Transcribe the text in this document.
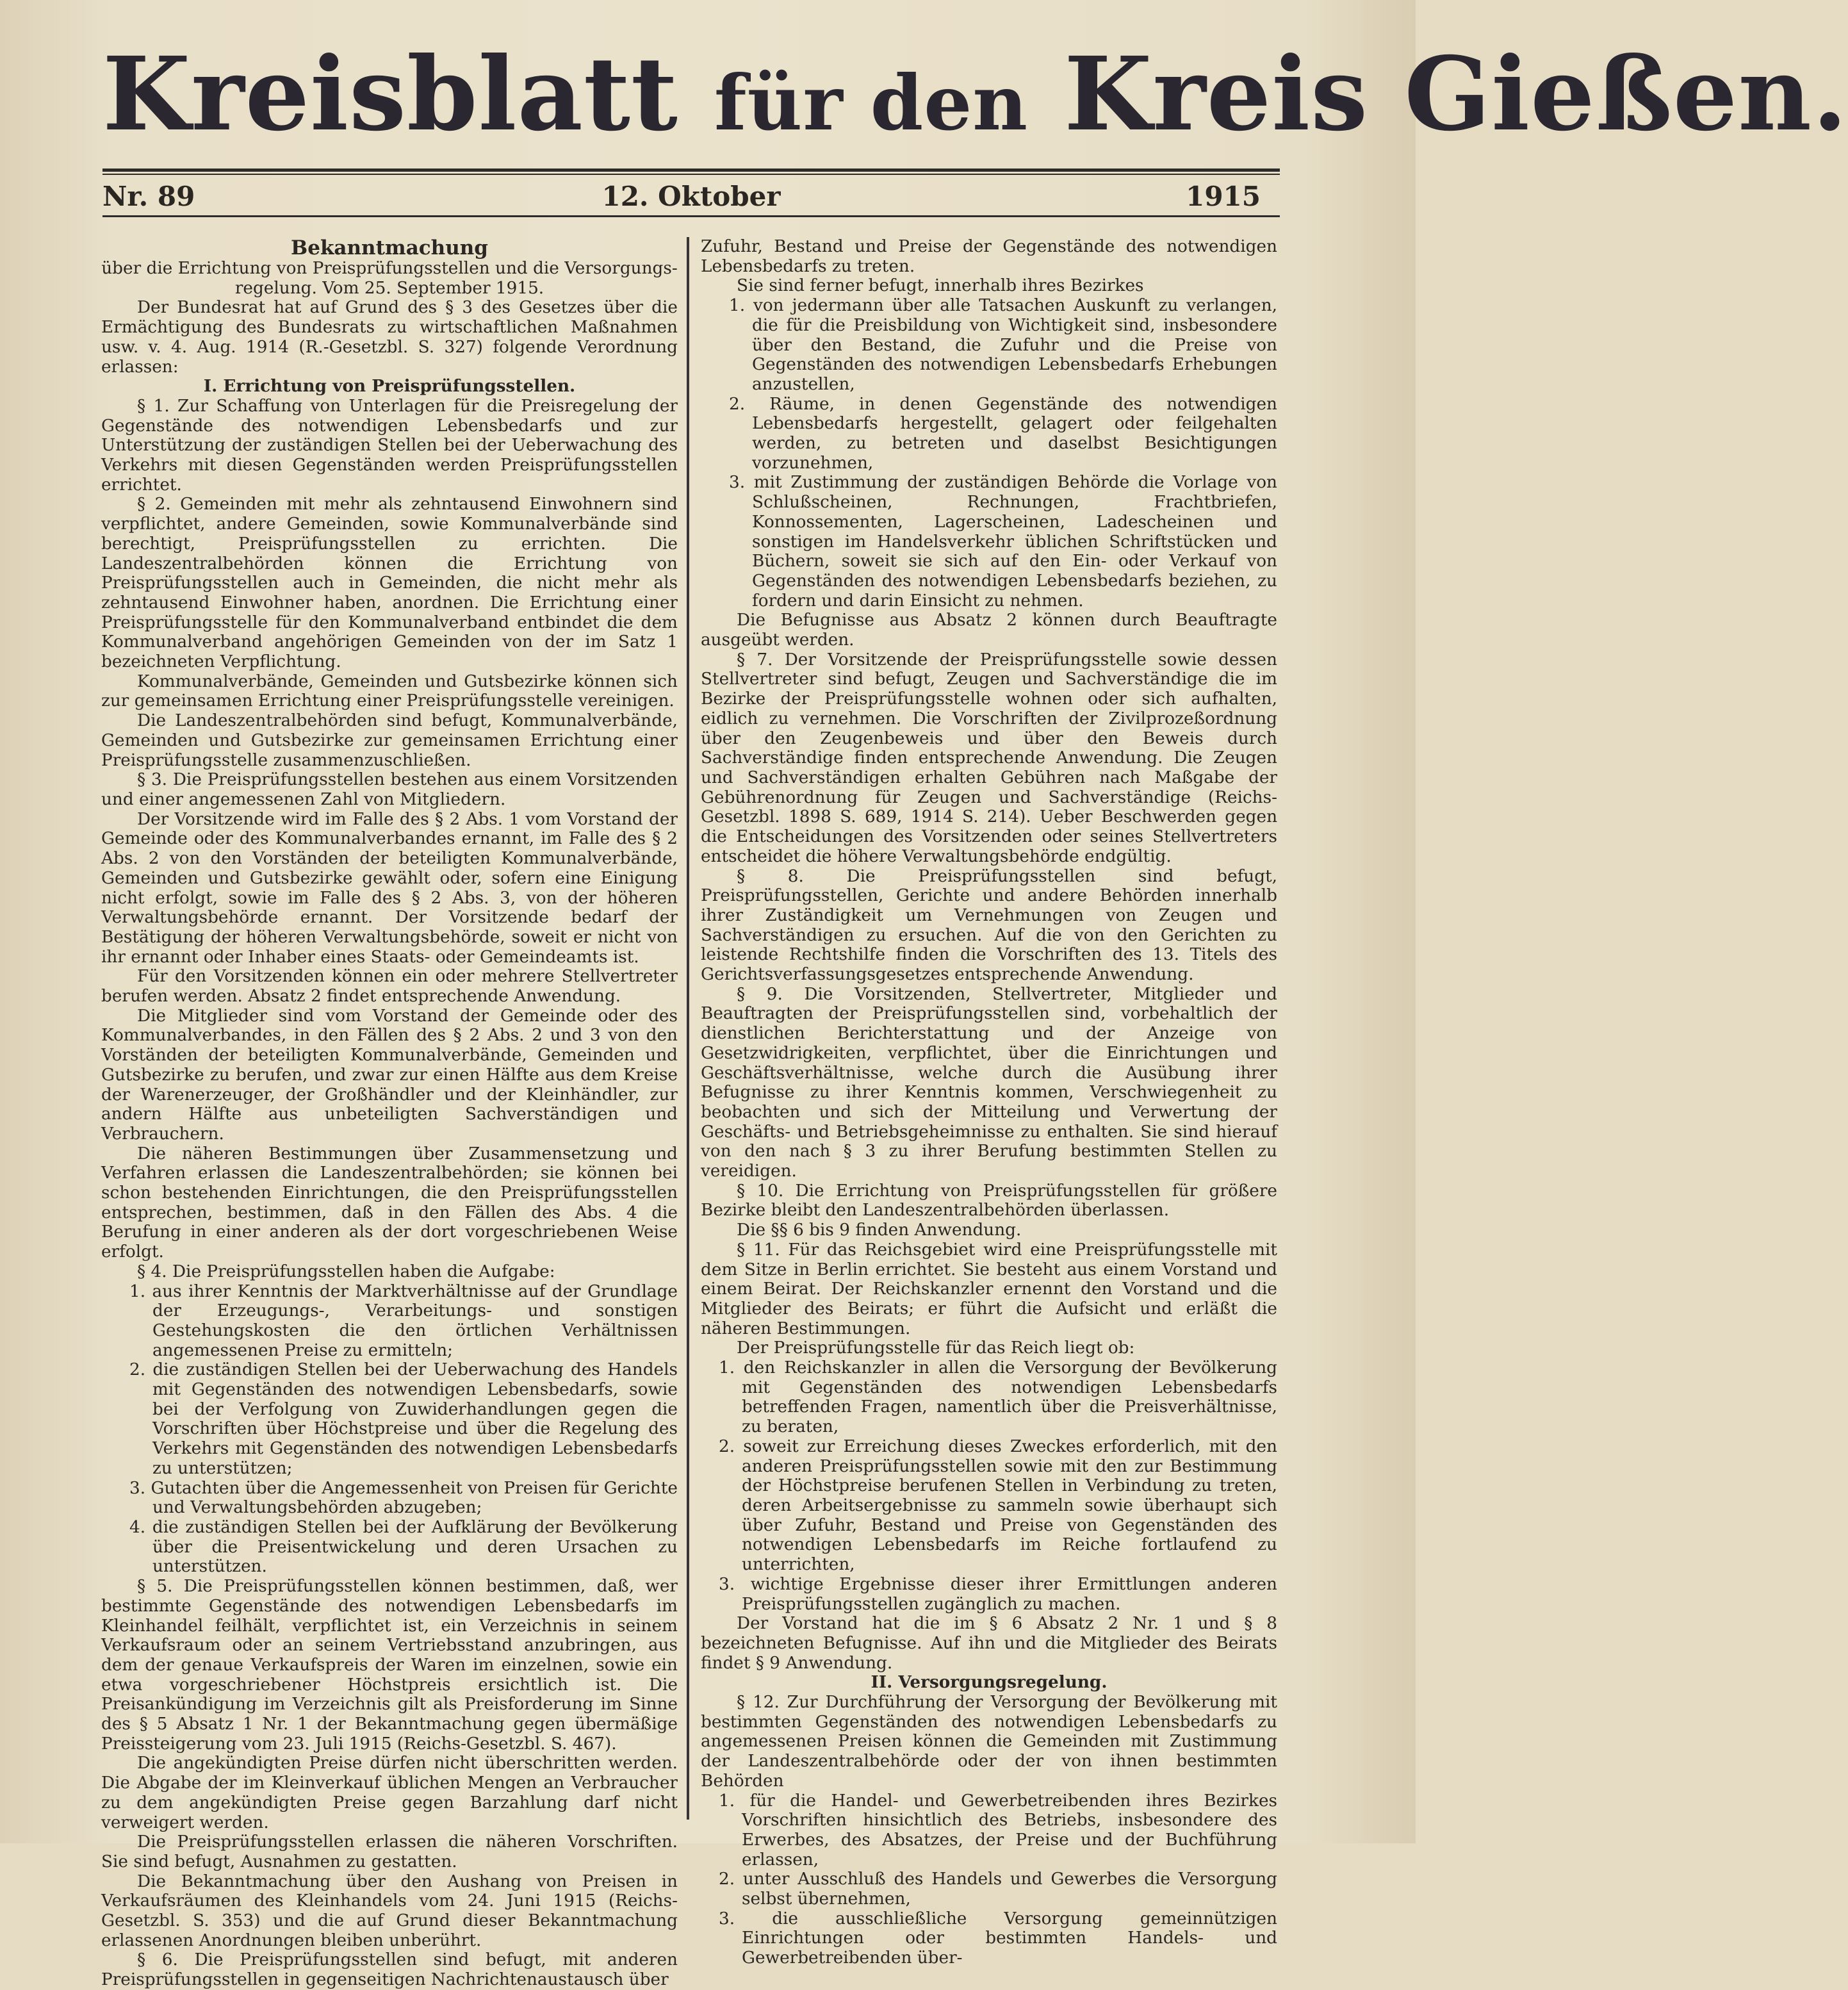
Kreisblatt für den Kreis Gießen.
Nr. 89	12. Oktober	1915

Bekanntmachung

über die Errichtung von Preisprüfungsstellen und die Versorgungs-

regelung. Vom 25. September 1915.

Der Bundesrat hat auf Grund des § 3 des Gesetzes über die Ermächtigung des Bundesrats zu wirtschaftlichen Maßnahmen usw. v. 4. Aug. 1914 (R.-Gesetzbl. S. 327) folgende Verordnung erlassen:

I. Errichtung von Preisprüfungsstellen.

§ 1. Zur Schaffung von Unterlagen für die Preisregelung der Gegenstände des notwendigen Lebensbedarfs und zur Unterstützung der zuständigen Stellen bei der Ueberwachung des Verkehrs mit diesen Gegenständen werden Preisprüfungsstellen errichtet.

§ 2. Gemeinden mit mehr als zehntausend Einwohnern sind verpflichtet, andere Gemeinden, sowie Kommunalverbände sind berechtigt, Preisprüfungsstellen zu errichten. Die Landeszentralbehörden können die Errichtung von Preisprüfungsstellen auch in Gemeinden, die nicht mehr als zehntausend Einwohner haben, anordnen. Die Errichtung einer Preisprüfungsstelle für den Kommunalverband entbindet die dem Kommunalverband angehörigen Gemeinden von der im Satz 1 bezeichneten Verpflichtung.

Kommunalverbände, Gemeinden und Gutsbezirke können sich zur gemeinsamen Errichtung einer Preisprüfungsstelle vereinigen.

Die Landeszentralbehörden sind befugt, Kommunalverbände, Gemeinden und Gutsbezirke zur gemeinsamen Errichtung einer Preisprüfungsstelle zusammenzuschließen.

§ 3. Die Preisprüfungsstellen bestehen aus einem Vorsitzenden und einer angemessenen Zahl von Mitgliedern.

Der Vorsitzende wird im Falle des § 2 Abs. 1 vom Vorstand der Gemeinde oder des Kommunalverbandes ernannt, im Falle des § 2 Abs. 2 von den Vorständen der beteiligten Kommunalverbände, Gemeinden und Gutsbezirke gewählt oder, sofern eine Einigung nicht erfolgt, sowie im Falle des § 2 Abs. 3, von der höheren Verwaltungsbehörde ernannt. Der Vorsitzende bedarf der Bestätigung der höheren Verwaltungsbehörde, soweit er nicht von ihr ernannt oder Inhaber eines Staats- oder Gemeindeamts ist.

Für den Vorsitzenden können ein oder mehrere Stellvertreter berufen werden. Absatz 2 findet entsprechende Anwendung.

Die Mitglieder sind vom Vorstand der Gemeinde oder des Kommunalverbandes, in den Fällen des § 2 Abs. 2 und 3 von den Vorständen der beteiligten Kommunalverbände, Gemeinden und Gutsbezirke zu berufen, und zwar zur einen Hälfte aus dem Kreise der Warenerzeuger, der Großhändler und der Kleinhändler, zur andern Hälfte aus unbeteiligten Sachverständigen und Verbrauchern.

Die näheren Bestimmungen über Zusammensetzung und Verfahren erlassen die Landeszentralbehörden; sie können bei schon bestehenden Einrichtungen, die den Preisprüfungsstellen entsprechen, bestimmen, daß in den Fällen des Abs. 4 die Berufung in einer anderen als der dort vorgeschriebenen Weise erfolgt.

§ 4. Die Preisprüfungsstellen haben die Aufgabe:

1. aus ihrer Kenntnis der Marktverhältnisse auf der Grundlage der Erzeugungs-, Verarbeitungs- und sonstigen Gestehungskosten die den örtlichen Verhältnissen angemessenen Preise zu ermitteln;

2. die zuständigen Stellen bei der Ueberwachung des Handels mit Gegenständen des notwendigen Lebensbedarfs, sowie bei der Verfolgung von Zuwiderhandlungen gegen die Vorschriften über Höchstpreise und über die Regelung des Verkehrs mit Gegenständen des notwendigen Lebensbedarfs zu unterstützen;

3. Gutachten über die Angemessenheit von Preisen für Gerichte und Verwaltungsbehörden abzugeben;

4. die zuständigen Stellen bei der Aufklärung der Bevölkerung über die Preisentwickelung und deren Ursachen zu unterstützen.

§ 5. Die Preisprüfungsstellen können bestimmen, daß, wer bestimmte Gegenstände des notwendigen Lebensbedarfs im Kleinhandel feilhält, verpflichtet ist, ein Verzeichnis in seinem Verkaufsraum oder an seinem Vertriebsstand anzubringen, aus dem der genaue Verkaufspreis der Waren im einzelnen, sowie ein etwa vorgeschriebener Höchstpreis ersichtlich ist. Die Preisankündigung im Verzeichnis gilt als Preisforderung im Sinne des § 5 Absatz 1 Nr. 1 der Bekanntmachung gegen übermäßige Preissteigerung vom 23. Juli 1915 (Reichs-Gesetzbl. S. 467).

Die angekündigten Preise dürfen nicht überschritten werden. Die Abgabe der im Kleinverkauf üblichen Mengen an Verbraucher zu dem angekündigten Preise gegen Barzahlung darf nicht verweigert werden.

Die Preisprüfungsstellen erlassen die näheren Vorschriften. Sie sind befugt, Ausnahmen zu gestatten.

Die Bekanntmachung über den Aushang von Preisen in Verkaufsräumen des Kleinhandels vom 24. Juni 1915 (Reichs-Gesetzbl. S. 353) und die auf Grund dieser Bekanntmachung erlassenen Anordnungen bleiben unberührt.

§ 6. Die Preisprüfungsstellen sind befugt, mit anderen Preisprüfungsstellen in gegenseitigen Nachrichtenaustausch über

Zufuhr, Bestand und Preise der Gegenstände des notwendigen Lebensbedarfs zu treten.

Sie sind ferner befugt, innerhalb ihres Bezirkes

1. von jedermann über alle Tatsachen Auskunft zu verlangen, die für die Preisbildung von Wichtigkeit sind, insbesondere über den Bestand, die Zufuhr und die Preise von Gegenständen des notwendigen Lebensbedarfs Erhebungen anzustellen,

2. Räume, in denen Gegenstände des notwendigen Lebensbedarfs hergestellt, gelagert oder feilgehalten werden, zu betreten und daselbst Besichtigungen vorzunehmen,

3. mit Zustimmung der zuständigen Behörde die Vorlage von Schlußscheinen, Rechnungen, Frachtbriefen, Konnossementen, Lagerscheinen, Ladescheinen und sonstigen im Handelsverkehr üblichen Schriftstücken und Büchern, soweit sie sich auf den Ein- oder Verkauf von Gegenständen des notwendigen Lebensbedarfs beziehen, zu fordern und darin Einsicht zu nehmen.

Die Befugnisse aus Absatz 2 können durch Beauftragte ausgeübt werden.

§ 7. Der Vorsitzende der Preisprüfungsstelle sowie dessen Stellvertreter sind befugt, Zeugen und Sachverständige die im Bezirke der Preisprüfungsstelle wohnen oder sich aufhalten, eidlich zu vernehmen. Die Vorschriften der Zivilprozeßordnung über den Zeugenbeweis und über den Beweis durch Sachverständige finden entsprechende Anwendung. Die Zeugen und Sachverständigen erhalten Gebühren nach Maßgabe der Gebührenordnung für Zeugen und Sachverständige (Reichs-Gesetzbl. 1898 S. 689, 1914 S. 214). Ueber Beschwerden gegen die Entscheidungen des Vorsitzenden oder seines Stellvertreters entscheidet die höhere Verwaltungsbehörde endgültig.

§ 8. Die Preisprüfungsstellen sind befugt, Preisprüfungsstellen, Gerichte und andere Behörden innerhalb ihrer Zuständigkeit um Vernehmungen von Zeugen und Sachverständigen zu ersuchen. Auf die von den Gerichten zu leistende Rechtshilfe finden die Vorschriften des 13. Titels des Gerichtsverfassungsgesetzes entsprechende Anwendung.

§ 9. Die Vorsitzenden, Stellvertreter, Mitglieder und Beauftragten der Preisprüfungsstellen sind, vorbehaltlich der dienstlichen Berichterstattung und der Anzeige von Gesetzwidrigkeiten, verpflichtet, über die Einrichtungen und Geschäftsverhältnisse, welche durch die Ausübung ihrer Befugnisse zu ihrer Kenntnis kommen, Verschwiegenheit zu beobachten und sich der Mitteilung und Verwertung der Geschäfts- und Betriebsgeheimnisse zu enthalten. Sie sind hierauf von den nach § 3 zu ihrer Berufung bestimmten Stellen zu vereidigen.

§ 10. Die Errichtung von Preisprüfungsstellen für größere Bezirke bleibt den Landeszentralbehörden überlassen.

Die §§ 6 bis 9 finden Anwendung.

§ 11. Für das Reichsgebiet wird eine Preisprüfungsstelle mit dem Sitze in Berlin errichtet. Sie besteht aus einem Vorstand und einem Beirat. Der Reichskanzler ernennt den Vorstand und die Mitglieder des Beirats; er führt die Aufsicht und erläßt die näheren Bestimmungen.

Der Preisprüfungsstelle für das Reich liegt ob:

1. den Reichskanzler in allen die Versorgung der Bevölkerung mit Gegenständen des notwendigen Lebensbedarfs betreffenden Fragen, namentlich über die Preisverhältnisse, zu beraten,

2. soweit zur Erreichung dieses Zweckes erforderlich, mit den anderen Preisprüfungsstellen sowie mit den zur Bestimmung der Höchstpreise berufenen Stellen in Verbindung zu treten, deren Arbeitsergebnisse zu sammeln sowie überhaupt sich über Zufuhr, Bestand und Preise von Gegenständen des notwendigen Lebensbedarfs im Reiche fortlaufend zu unterrichten,

3. wichtige Ergebnisse dieser ihrer Ermittlungen anderen Preisprüfungsstellen zugänglich zu machen.

Der Vorstand hat die im § 6 Absatz 2 Nr. 1 und § 8 bezeichneten Befugnisse. Auf ihn und die Mitglieder des Beirats findet § 9 Anwendung.

II. Versorgungsregelung.

§ 12. Zur Durchführung der Versorgung der Bevölkerung mit bestimmten Gegenständen des notwendigen Lebensbedarfs zu angemessenen Preisen können die Gemeinden mit Zustimmung der Landeszentralbehörde oder der von ihnen bestimmten Behörden

1. für die Handel- und Gewerbetreibenden ihres Bezirkes Vorschriften hinsichtlich des Betriebs, insbesondere des Erwerbes, des Absatzes, der Preise und der Buchführung erlassen,

2. unter Ausschluß des Handels und Gewerbes die Versorgung selbst übernehmen,

3. die ausschließliche Versorgung gemeinnützigen Einrichtungen oder bestimmten Handels- und Gewerbetreibenden über-
